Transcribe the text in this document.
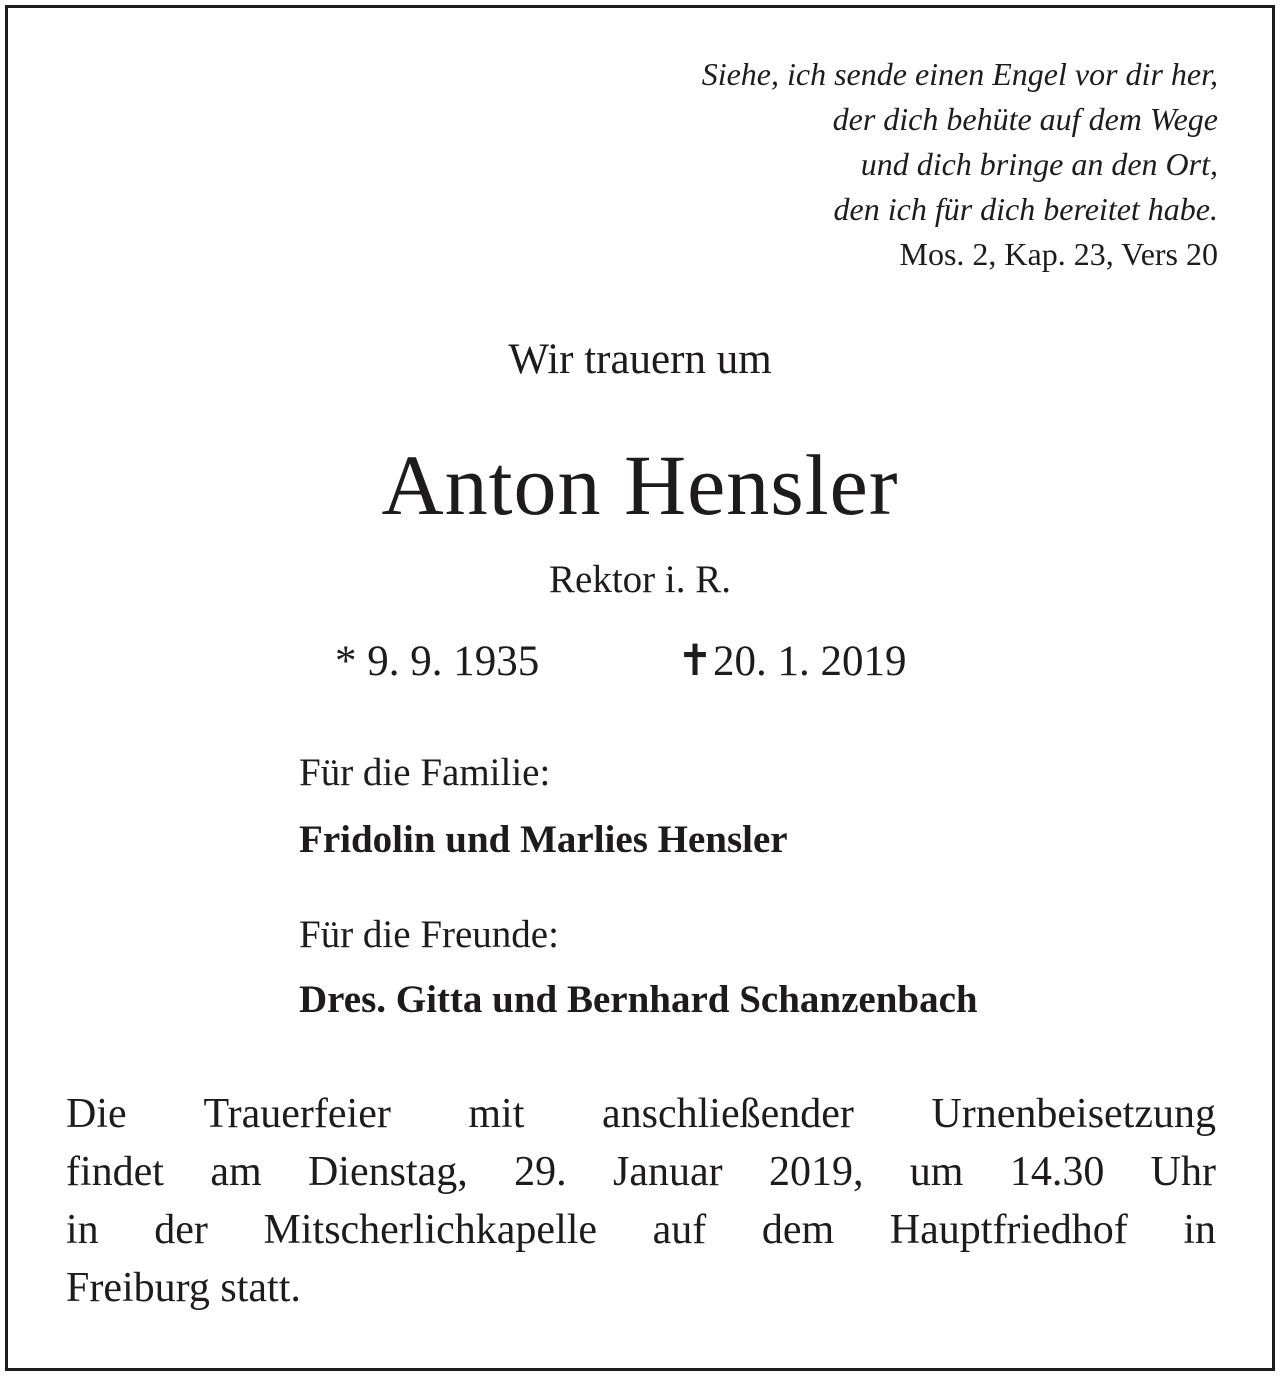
Siehe, ich sende einen Engel vor dir her,
der dich behüte auf dem Wege
und dich bringe an den Ort,
den ich für dich bereitet habe.
Mos. 2, Kap. 23, Vers 20
Wir trauern um
Anton Hensler
Rektor i. R.
* 9. 9. 1935	✝20. 1. 2019
Für die Familie:
Fridolin und Marlies Hensler
Für die Freunde:
Dres. Gitta und Bernhard Schanzenbach
Die Trauerfeier mit anschließender Urnenbeisetzung
findet am Dienstag, 29. Januar 2019, um 14.30 Uhr
in der Mitscherlichkapelle auf dem Hauptfriedhof in
Freiburg statt.
